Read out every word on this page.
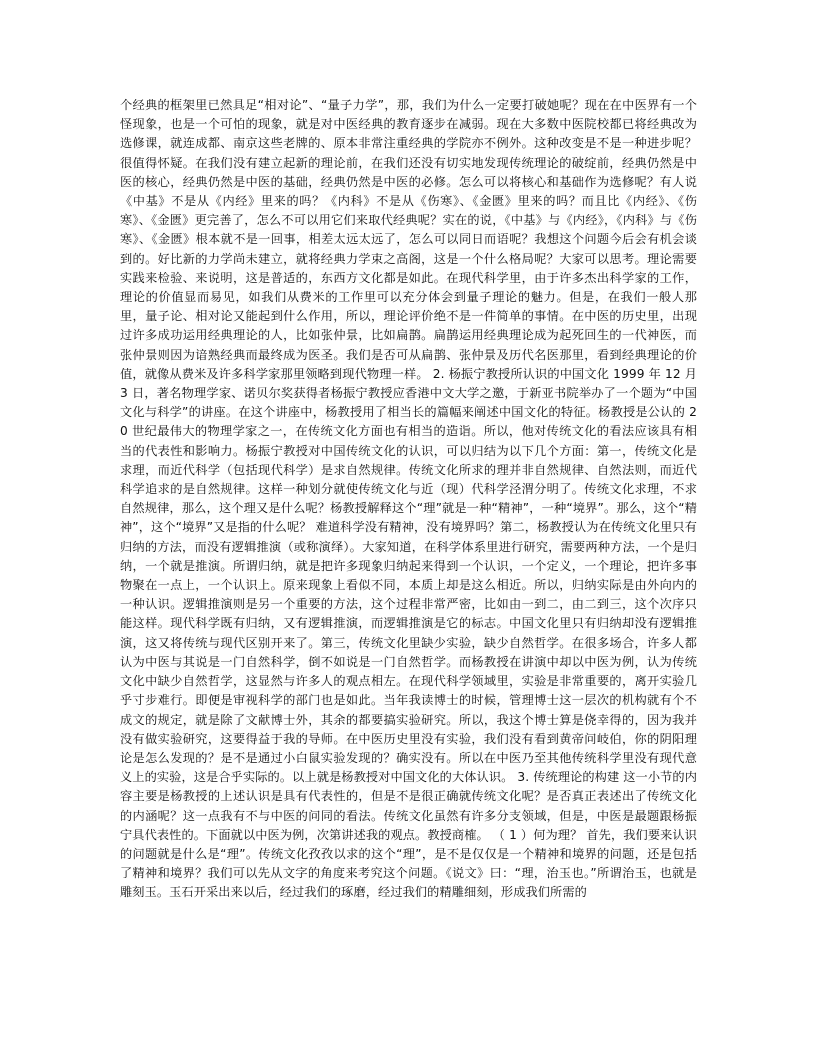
个经典的框架里已然具足“相对论”、“量子力学”，那，我们为什么一定要打破她呢？现在在中医界有一个怪现象，也是一个可怕的现象，就是对中医经典的教育逐步在减弱。现在大多数中医院校都已将经典改为选修课，就连成都、南京这些老牌的、原本非常注重经典的学院亦不例外。这种改变是不是一种进步呢？很值得怀疑。在我们没有建立起新的理论前，在我们还没有切实地发现传统理论的破绽前，经典仍然是中医的核心，经典仍然是中医的基础，经典仍然是中医的必修。怎么可以将核心和基础作为选修呢？有人说《中基》不是从《内经》里来的吗？《内科》不是从《伤寒》、《金匮》里来的吗？而且比《内经》、《伤寒》、《金匮》更完善了，怎么不可以用它们来取代经典呢？实在的说，《中基》与《内经》，《内科》与《伤寒》、《金匮》根本就不是一回事，相差太远太远了，怎么可以同日而语呢？我想这个问题今后会有机会谈到的。好比新的力学尚未建立，就将经典力学束之高阁，这是一个什么格局呢？大家可以思考。理论需要实践来检验、来说明，这是普适的，东西方文化都是如此。在现代科学里，由于许多杰出科学家的工作，理论的价值显而易见，如我们从费米的工作里可以充分体会到量子理论的魅力。但是，在我们一般人那里，量子论、相对论又能起到什么作用，所以，理论评价绝不是一件简单的事情。在中医的历史里，出现过许多成功运用经典理论的人，比如张仲景，比如扁鹊。扁鹊运用经典理论成为起死回生的一代神医，而张仲景则因为谙熟经典而最终成为医圣。我们是否可从扁鹊、张仲景及历代名医那里，看到经典理论的价值，就像从费米及许多科学家那里领略到现代物理一样。 2. 杨振宁教授所认识的中国文化 1999 年 12 月 3 日，著名物理学家、诺贝尔奖获得者杨振宁教授应香港中文大学之邀，于新亚书院举办了一个题为“中国文化与科学”的讲座。在这个讲座中，杨教授用了相当长的篇幅来阐述中国文化的特征。杨教授是公认的 20 世纪最伟大的物理学家之一，在传统文化方面也有相当的造诣。所以，他对传统文化的看法应该具有相当的代表性和影响力。杨振宁教授对中国传统文化的认识，可以归结为以下几个方面：第一，传统文化是求理，而近代科学（包括现代科学）是求自然规律。传统文化所求的理并非自然规律、自然法则，而近代科学追求的是自然规律。这样一种划分就使传统文化与近（现）代科学泾渭分明了。传统文化求理，不求自然规律，那么，这个理又是什么呢？杨教授解释这个“理”就是一种“精神”，一种“境界”。那么，这个“精神”，这个“境界”又是指的什么呢？ 难道科学没有精神，没有境界吗？第二，杨教授认为在传统文化里只有归纳的方法，而没有逻辑推演（或称演绎）。大家知道，在科学体系里进行研究，需要两种方法，一个是归纳，一个就是推演。所谓归纳，就是把许多现象归纳起来得到一个认识，一个定义，一个理论，把许多事物聚在一点上，一个认识上。原来现象上看似不同，本质上却是这么相近。所以，归纳实际是由外向内的一种认识。逻辑推演则是另一个重要的方法，这个过程非常严密，比如由一到二，由二到三，这个次序只能这样。现代科学既有归纳，又有逻辑推演，而逻辑推演是它的标志。中国文化里只有归纳却没有逻辑推演，这又将传统与现代区别开来了。第三，传统文化里缺少实验，缺少自然哲学。在很多场合，许多人都认为中医与其说是一门自然科学，倒不如说是一门自然哲学。而杨教授在讲演中却以中医为例，认为传统文化中缺少自然哲学，这显然与许多人的观点相左。在现代科学领域里，实验是非常重要的，离开实验几乎寸步难行。即便是审视科学的部门也是如此。当年我读博士的时候，管理博士这一层次的机构就有个不成文的规定，就是除了文献博士外，其余的都要搞实验研究。所以，我这个博士算是侥幸得的，因为我并没有做实验研究，这要得益于我的导师。在中医历史里没有实验，我们没有看到黄帝问岐伯，你的阴阳理论是怎么发现的？是不是通过小白鼠实验发现的？确实没有。所以在中医乃至其他传统科学里没有现代意义上的实验，这是合乎实际的。以上就是杨教授对中国文化的大体认识。 3. 传统理论的构建 这一小节的内容主要是杨教授的上述认识是具有代表性的，但是不是很正确就传统文化呢？是否真正表述出了传统文化的内涵呢？这一点我有不与中医的问同的看法。传统文化虽然有许多分支领域，但是，中医是最题跟杨振宁具代表性的。下面就以中医为例，次第讲述我的观点。教授商榷。 （ 1 ）何为理？ 首先，我们要来认识的问题就是什么是“理”。传统文化孜孜以求的这个“理”，是不是仅仅是一个精神和境界的问题，还是包括了精神和境界？我们可以先从文字的角度来考究这个问题。《说文》曰：“理，治玉也。”所谓治玉，也就是雕刻玉。玉石开采出来以后，经过我们的琢磨，经过我们的精雕细刻，形成我们所需的
